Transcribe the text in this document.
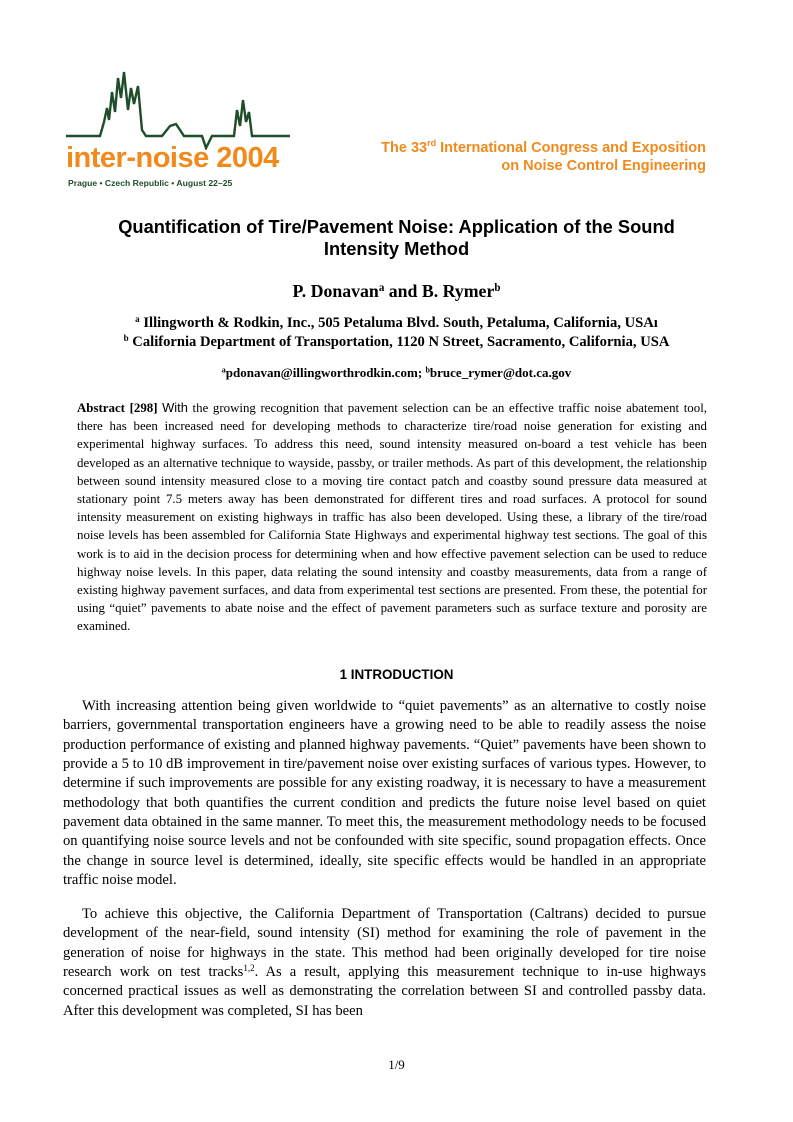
inter-noise 2004
Prague • Czech Republic • August 22–25
The 33rd International Congress and Exposition
on Noise Control Engineering
Quantification of Tire/Pavement Noise: Application of the Sound
Intensity Method
P. Donavan$^a$ and B. Rymer$^b$
$^a$ Illingworth & Rodkin, Inc., 505 Petaluma Blvd. South, Petaluma, California, USAı
$^b$ California Department of Transportation, 1120 N Street, Sacramento, California, USA
$^a$pdonavan@illingworthrodkin.com; $^b$bruce_rymer@dot.ca.gov

Abstract [298] With the growing recognition that pavement selection can be an effective traffic noise abatement tool, there has been increased need for developing methods to characterize tire/road noise generation for existing and experimental highway surfaces. To address this need, sound intensity measured on-board a test vehicle has been developed as an alternative technique to wayside, passby, or trailer methods. As part of this development, the relationship between sound intensity measured close to a moving tire contact patch and coastby sound pressure data measured at stationary point 7.5 meters away has been demonstrated for different tires and road surfaces. A protocol for sound intensity measurement on existing highways in traffic has also been developed. Using these, a library of the tire/road noise levels has been assembled for California State Highways and experimental highway test sections. The goal of this work is to aid in the decision process for determining when and how effective pavement selection can be used to reduce highway noise levels. In this paper, data relating the sound intensity and coastby measurements, data from a range of existing highway pavement surfaces, and data from experimental test sections are presented. From these, the potential for using “quiet” pavements to abate noise and the effect of pavement parameters such as surface texture and porosity are examined.

1 INTRODUCTION

With increasing attention being given worldwide to “quiet pavements” as an alternative to costly noise barriers, governmental transportation engineers have a growing need to be able to readily assess the noise production performance of existing and planned highway pavements. “Quiet” pavements have been shown to provide a 5 to 10 dB improvement in tire/pavement noise over existing surfaces of various types. However, to determine if such improvements are possible for any existing roadway, it is necessary to have a measurement methodology that both quantifies the current condition and predicts the future noise level based on quiet pavement data obtained in the same manner. To meet this, the measurement methodology needs to be focused on quantifying noise source levels and not be confounded with site specific, sound propagation effects. Once the change in source level is determined, ideally, site specific effects would be handled in an appropriate traffic noise model.

To achieve this objective, the California Department of Transportation (Caltrans) decided to pursue development of the near-field, sound intensity (SI) method for examining the role of pavement in the generation of noise for highways in the state. This method had been originally developed for tire noise research work on test tracks$^{1,2}$. As a result, applying this measurement technique to in-use highways concerned practical issues as well as demonstrating the correlation between SI and controlled passby data. After this development was completed, SI has been

1/9
